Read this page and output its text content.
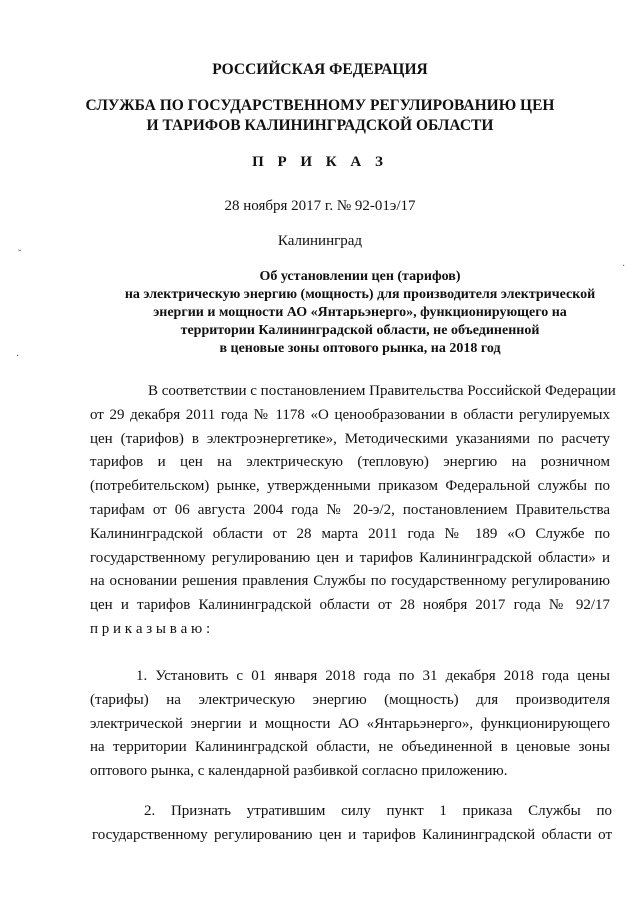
РОССИЙСКАЯ ФЕДЕРАЦИЯ
СЛУЖБА ПО ГОСУДАРСТВЕННОМУ РЕГУЛИРОВАНИЮ ЦЕН
И ТАРИФОВ КАЛИНИНГРАДСКОЙ ОБЛАСТИ
П Р И К А З

28 ноября 2017 г. № 92-01э/17

Калининград

Об установлении цен (тарифов)
на электрическую энергию (мощность) для производителя электрической
энергии и мощности АО «Янтарьэнерго», функционирующего на
территории Калининградской области, не объединенной
в ценовые зоны оптового рынка, на 2018 год
В соответствии с постановлением Правительства Российской Федерации
от 29 декабря 2011 года № 1178 «О ценообразовании в области регулируемых
цен (тарифов) в электроэнергетике», Методическими указаниями по расчету
тарифов и цен на электрическую (тепловую) энергию на розничном
(потребительском) рынке, утвержденными приказом Федеральной службы по
тарифам от 06 августа 2004 года № 20-э/2, постановлением Правительства
Калининградской области от 28 марта 2011 года № 189 «О Службе по
государственному регулированию цен и тарифов Калининградской области» и
на основании решения правления Службы по государственному регулированию
цен и тарифов Калининградской области от 28 ноября 2017 года № 92/17
п р и к а з ы в а ю :
1. Установить с 01 января 2018 года по 31 декабря 2018 года цены
(тарифы) на электрическую энергию (мощность) для производителя
электрической энергии и мощности АО «Янтарьэнерго», функционирующего
на территории Калининградской области, не объединенной в ценовые зоны
оптового рынка, с календарной разбивкой согласно приложению.
2. Признать утратившим силу пункт 1 приказа Службы по
государственному регулированию цен и тарифов Калининградской области от
ˇ
·
·
